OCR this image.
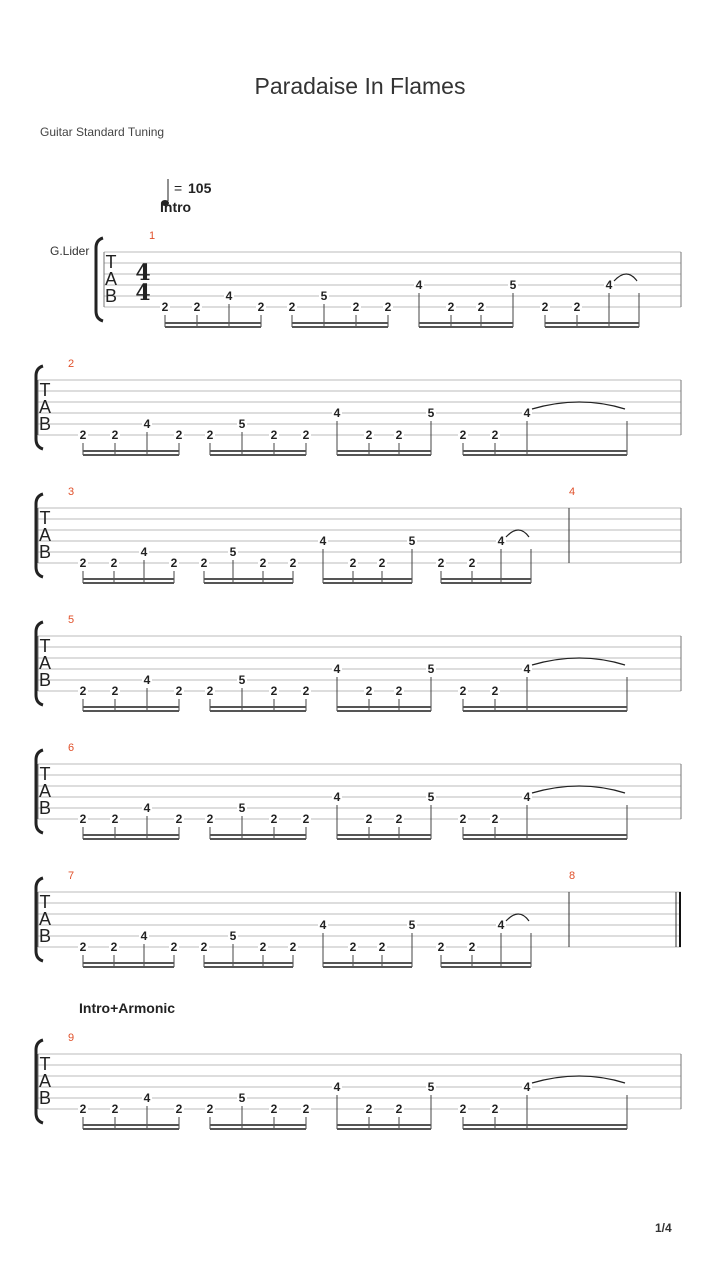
Paradaise In Flames
Guitar Standard Tuning
T
A
B
4
4
G.Lider
1
2 2
4
2 2
5
2 2
4
2 2
5
2 2
4
T
A
B
2
2 2
4
2 2
5
2 2
4
2 2
5
2 2
4
T
A
B
3	4
2 2
4
2 2
5
2 2
4
2 2
5
2 2
4
T
A
B
5
2 2
4
2 2
5
2 2
4
2 2
5
2 2
4
T
A
B
6
2 2
4
2 2
5
2 2
4
2 2
5
2 2
4
T
A
B
7	8
2 2
4
2 2
5
2 2
4
2 2
5
2 2
4
T
A
B
9
2 2
4
2 2
5
2 2
4
2 2
5
2 2
4
= 105
Intro
Intro+Armonic
1/4
